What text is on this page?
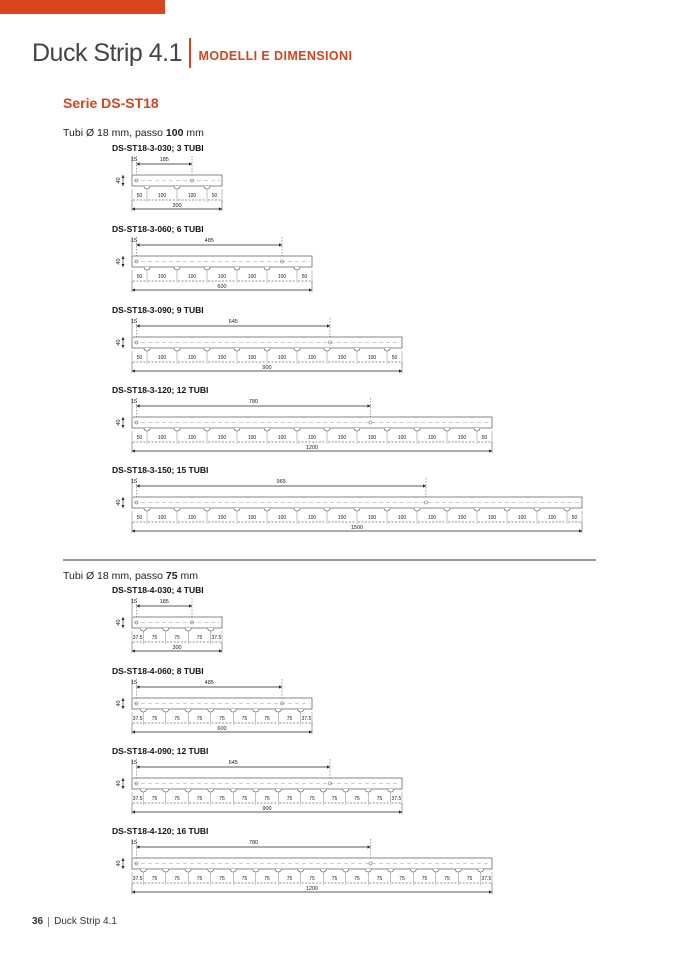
Duck Strip 4.1 MODELLI E DIMENSIONI
Serie DS-ST18
Tubi Ø 18 mm, passo 100 mm
Tubi Ø 18 mm, passo 75 mm
DS-ST18-3-030; 3 TUBI
15	185
40
50	100	100	50
300
DS-ST18-3-060; 6 TUBI
15	485
40
50	100	100	100	100	100	50
600
DS-ST18-3-090; 9 TUBI
15	645
40
50	100	100	100	100	100	100	100	100	50
900
DS-ST18-3-120; 12 TUBI
15	780
40
50	100	100	100	100	100	100	100	100	100	100	100	50
1200
DS-ST18-3-150; 15 TUBI
15	965
40
50	100	100	100	100	100	100	100	100	100	100	100	100	100	100	50
1500
DS-ST18-4-030; 4 TUBI
15	185
40
37.5 75	75	75 37.5
300
DS-ST18-4-060; 8 TUBI
15	485
40
37.5 75	75	75	75	75	75	75 37.5
600
DS-ST18-4-090; 12 TUBI
15	645
40
37.5 75	75	75	75	75	75	75	75	75	75	75 37.5
900
DS-ST18-4-120; 16 TUBI
15	780
40
37.5 75	75	75	75	75	75	75	75	75	75	75	75	75	75	75 37.5
1200
36 Duck Strip 4.1
